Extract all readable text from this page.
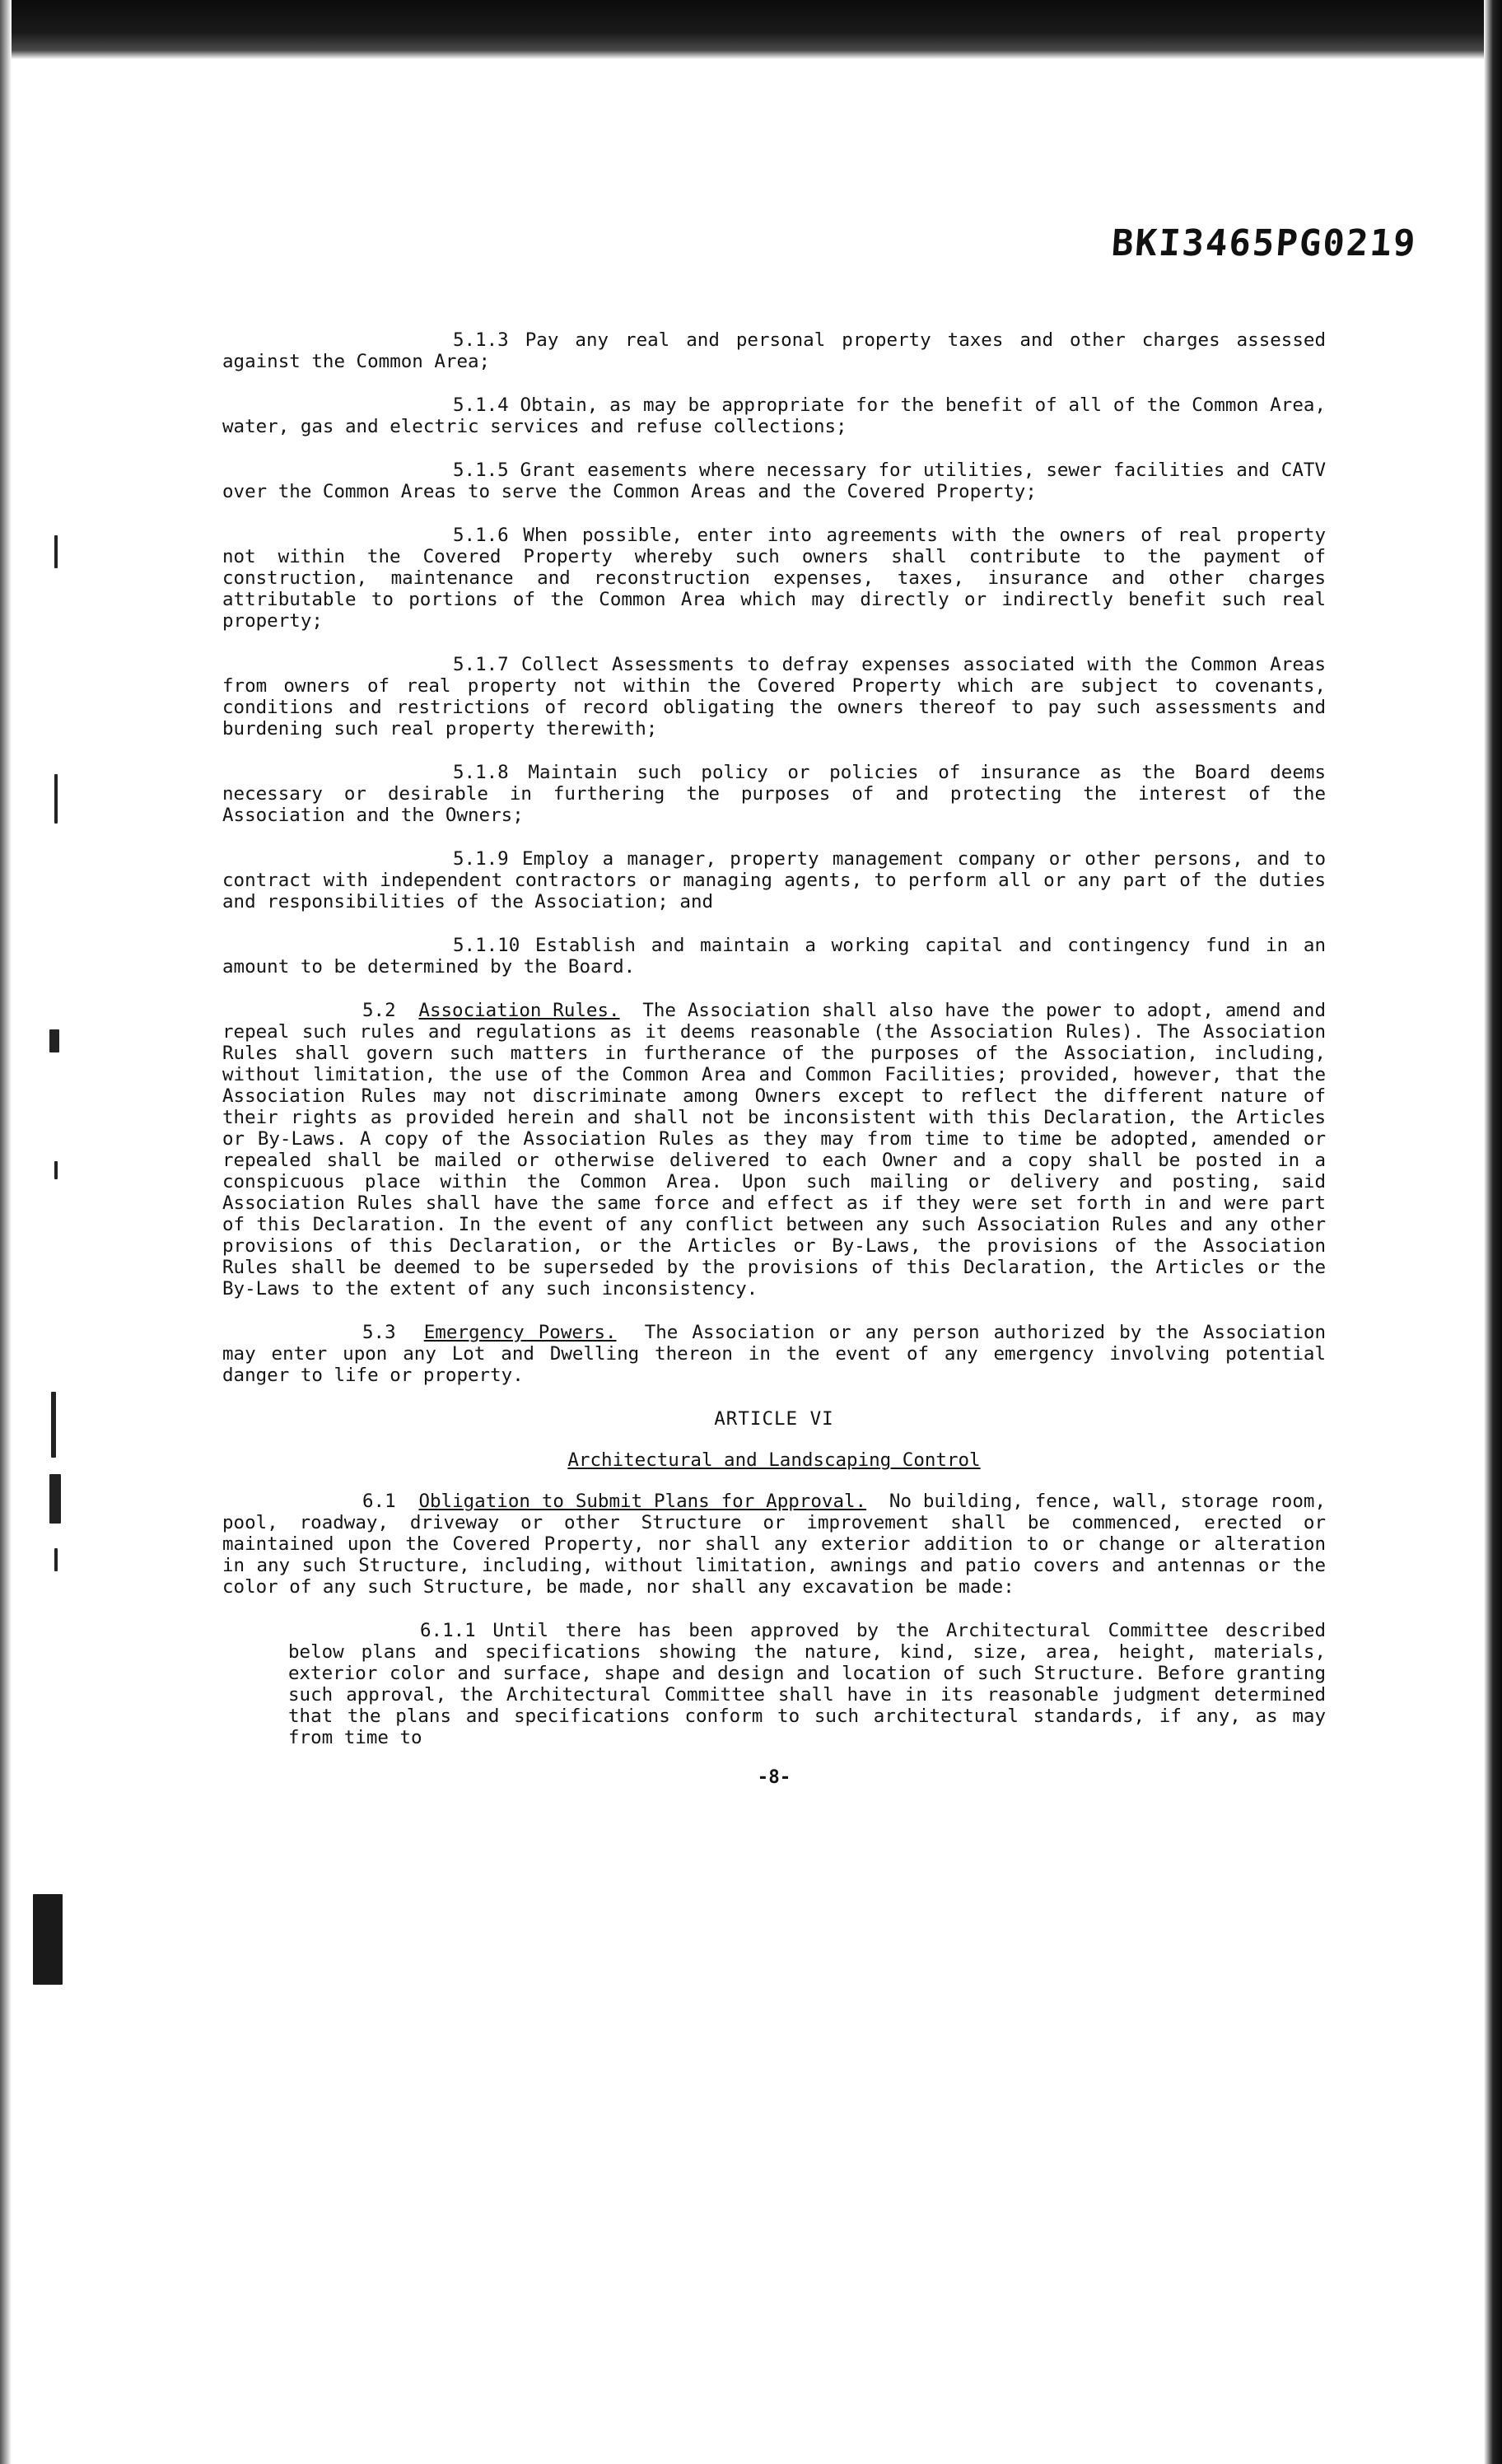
BKI3465PG0219

5.1.3 Pay any real and personal property taxes and other charges assessed against the Common Area;

5.1.4 Obtain, as may be appropriate for the benefit of all of the Common Area, water, gas and electric services and refuse collections;

5.1.5 Grant easements where necessary for utilities, sewer facilities and CATV over the Common Areas to serve the Common Areas and the Covered Property;

5.1.6 When possible, enter into agreements with the owners of real property not within the Covered Property whereby such owners shall contribute to the payment of construction, maintenance and reconstruction expenses, taxes, insurance and other charges attributable to portions of the Common Area which may directly or indirectly benefit such real property;

5.1.7 Collect Assessments to defray expenses associated with the Common Areas from owners of real property not within the Covered Property which are subject to covenants, conditions and restrictions of record obligating the owners thereof to pay such assessments and burdening such real property therewith;

5.1.8 Maintain such policy or policies of insurance as the Board deems necessary or desirable in furthering the purposes of and protecting the interest of the Association and the Owners;

5.1.9 Employ a manager, property management company or other persons, and to contract with independent contractors or managing agents, to perform all or any part of the duties and responsibilities of the Association; and

5.1.10 Establish and maintain a working capital and contingency fund in an amount to be determined by the Board.

5.2 Association Rules. The Association shall also have the power to adopt, amend and repeal such rules and regulations as it deems reasonable (the Association Rules). The Association Rules shall govern such matters in furtherance of the purposes of the Association, including, without limitation, the use of the Common Area and Common Facilities; provided, however, that the Association Rules may not discriminate among Owners except to reflect the different nature of their rights as provided herein and shall not be inconsistent with this Declaration, the Articles or By-Laws. A copy of the Association Rules as they may from time to time be adopted, amended or repealed shall be mailed or otherwise delivered to each Owner and a copy shall be posted in a conspicuous place within the Common Area. Upon such mailing or delivery and posting, said Association Rules shall have the same force and effect as if they were set forth in and were part of this Declaration. In the event of any conflict between any such Association Rules and any other provisions of this Declaration, or the Articles or By-Laws, the provisions of the Association Rules shall be deemed to be superseded by the provisions of this Declaration, the Articles or the By-Laws to the extent of any such inconsistency.

5.3 Emergency Powers. The Association or any person authorized by the Association may enter upon any Lot and Dwelling thereon in the event of any emergency involving potential danger to life or property.

ARTICLE VI

Architectural and Landscaping Control

6.1 Obligation to Submit Plans for Approval. No building, fence, wall, storage room, pool, roadway, driveway or other Structure or improvement shall be commenced, erected or maintained upon the Covered Property, nor shall any exterior addition to or change or alteration in any such Structure, including, without limitation, awnings and patio covers and antennas or the color of any such Structure, be made, nor shall any excavation be made:

6.1.1 Until there has been approved by the Architectural Committee described below plans and specifications showing the nature, kind, size, area, height, materials, exterior color and surface, shape and design and location of such Structure. Before granting such approval, the Architectural Committee shall have in its reasonable judgment determined that the plans and specifications conform to such architectural standards, if any, as may from time to

-8-
